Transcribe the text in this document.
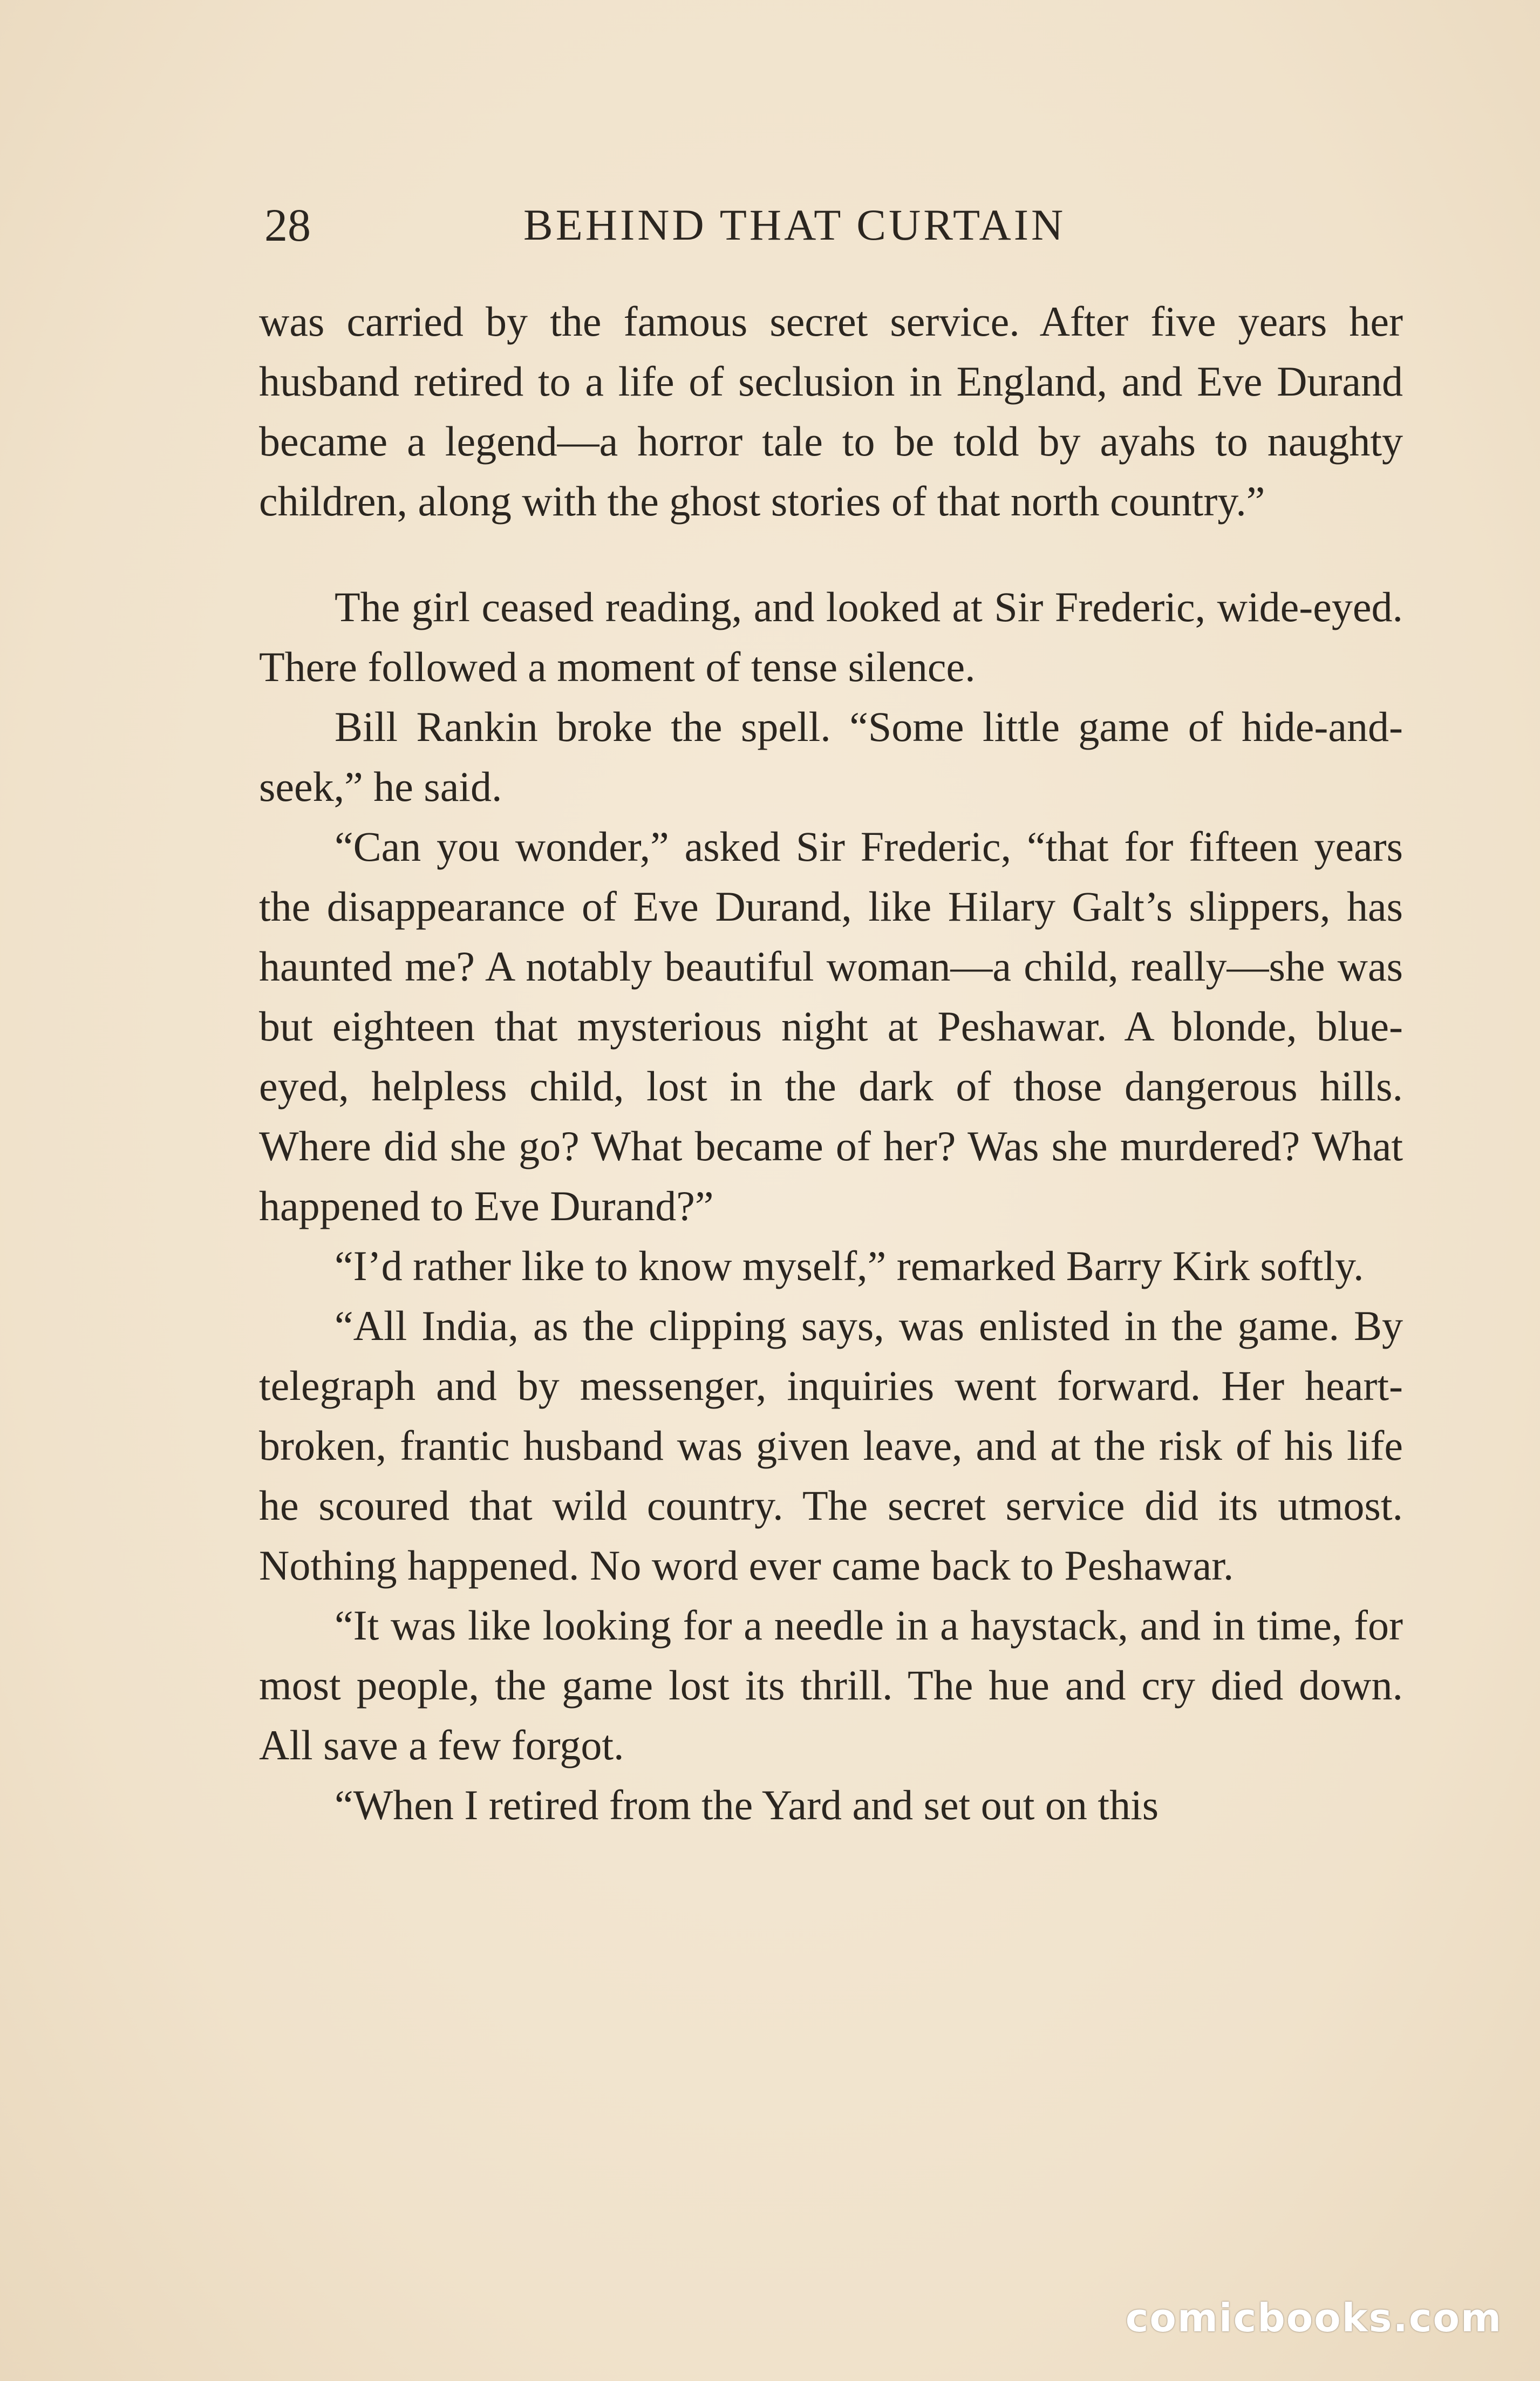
28	BEHIND THAT CURTAIN

was carried by the famous secret service. After five years her husband retired to a life of seclusion in England, and Eve Durand became a legend—a horror tale to be told by ayahs to naughty children, along with the ghost stories of that north country.”

The girl ceased reading, and looked at Sir Frederic, wide-eyed. There followed a moment of tense silence.

Bill Rankin broke the spell. “Some little game of hide-and-seek,” he said.

“Can you wonder,” asked Sir Frederic, “that for fifteen years the disappearance of Eve Durand, like Hilary Galt’s slippers, has haunted me? A notably beautiful woman—a child, really—she was but eighteen that mysterious night at Peshawar. A blonde, blue-eyed, helpless child, lost in the dark of those dangerous hills. Where did she go? What became of her? Was she murdered? What happened to Eve Durand?”

“I’d rather like to know myself,” remarked Barry Kirk softly.

“All India, as the clipping says, was enlisted in the game. By telegraph and by messenger, inquiries went forward. Her heart-broken, frantic husband was given leave, and at the risk of his life he scoured that wild country. The secret service did its utmost. Nothing happened. No word ever came back to Peshawar.

“It was like looking for a needle in a haystack, and in time, for most people, the game lost its thrill. The hue and cry died down. All save a few forgot.

“When I retired from the Yard and set out on this

comicbooks.com
